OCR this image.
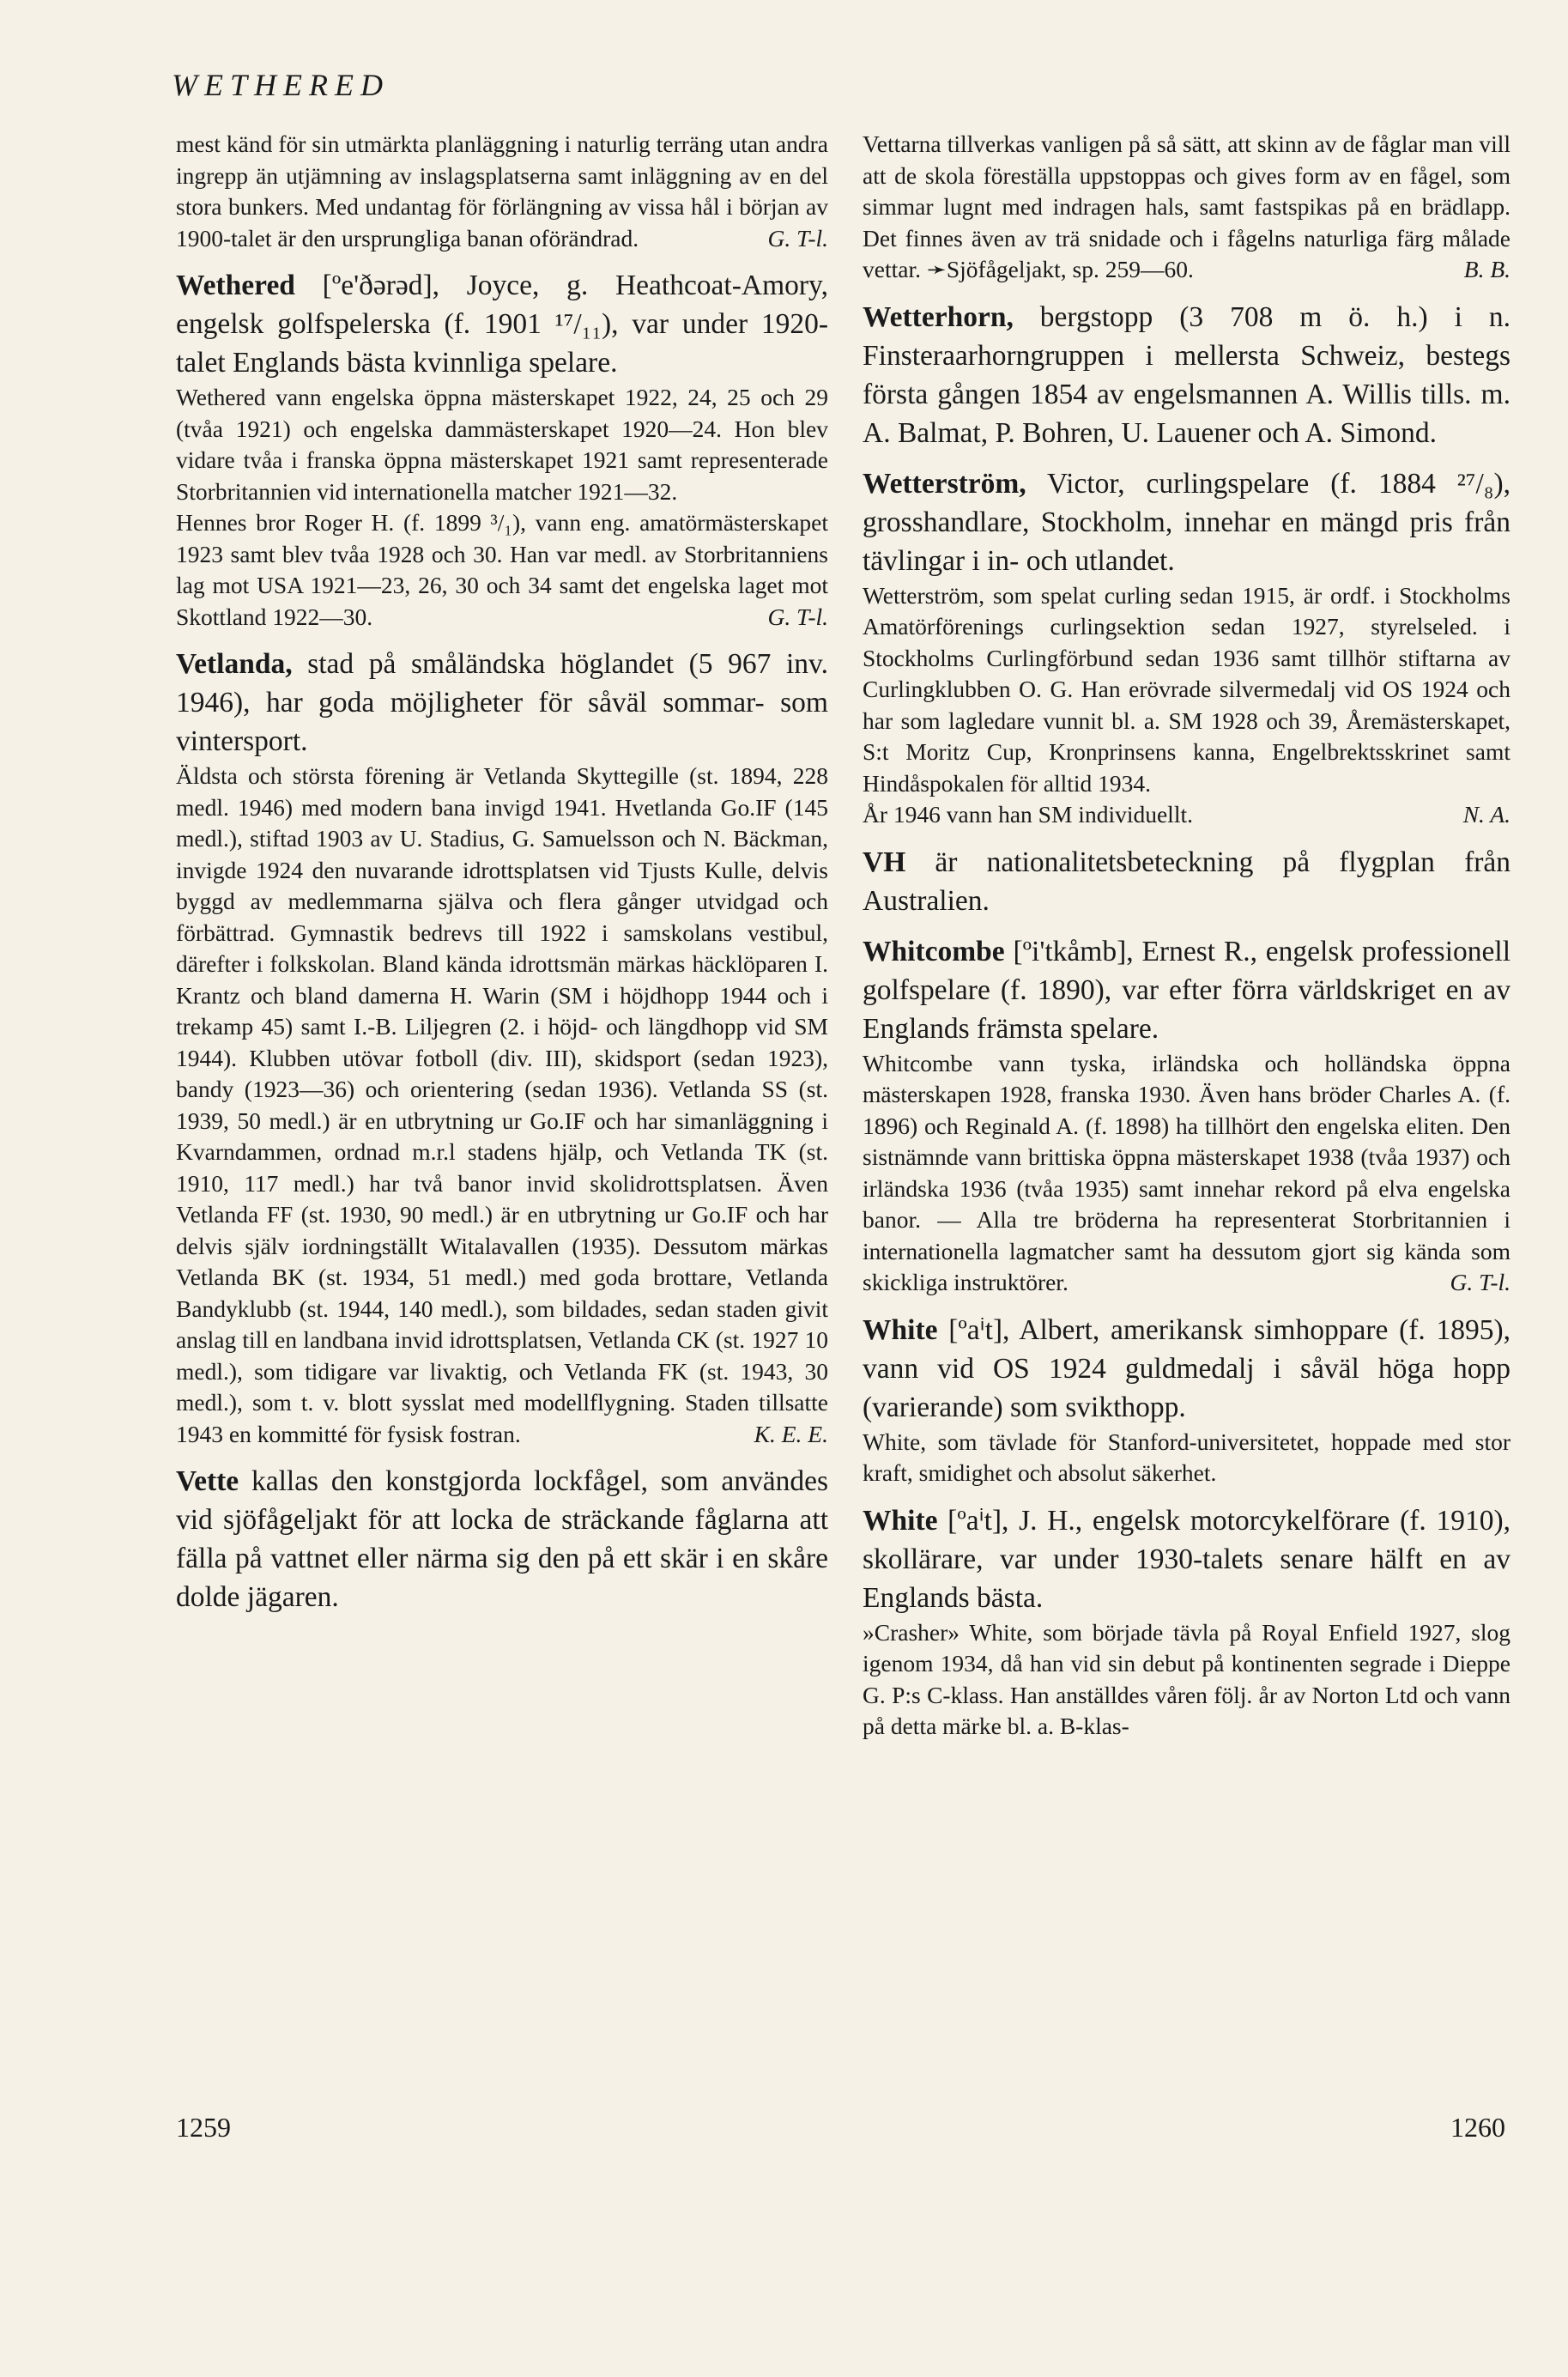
WETHERED

mest känd för sin utmärkta planläggning i naturlig terräng utan andra ingrepp än utjämning av inslagsplatserna samt inläggning av en del stora bunkers. Med undantag för förlängning av vissa hål i början av 1900-talet är den ursprungliga banan oförändrad.	G. T-l.

Wethered [ºe'ðərəd], Joyce, g. Heathcoat-Amory, engelsk golfspelerska (f. 1901 ¹⁷/₁₁), var under 1920-talet Englands bästa kvinnliga spelare.

Wethered vann engelska öppna mästerskapet 1922, 24, 25 och 29 (tvåa 1921) och engelska dammästerskapet 1920—24. Hon blev vidare tvåa i franska öppna mästerskapet 1921 samt representerade Storbritannien vid internationella matcher 1921—32.

Hennes bror Roger H. (f. 1899 ³/₁), vann eng. amatörmästerskapet 1923 samt blev tvåa 1928 och 30. Han var medl. av Storbritanniens lag mot USA 1921—23, 26, 30 och 34 samt det engelska laget mot Skottland 1922—30.	G. T-l.

Vetlanda, stad på småländska höglandet (5 967 inv. 1946), har goda möjligheter för såväl sommar- som vintersport.

Äldsta och största förening är Vetlanda Skyttegille (st. 1894, 228 medl. 1946) med modern bana invigd 1941. Hvetlanda Go.IF (145 medl.), stiftad 1903 av U. Stadius, G. Samuelsson och N. Bäckman, invigde 1924 den nuvarande idrottsplatsen vid Tjusts Kulle, delvis byggd av medlemmarna själva och flera gånger utvidgad och förbättrad. Gymnastik bedrevs till 1922 i samskolans vestibul, därefter i folkskolan. Bland kända idrottsmän märkas häcklöparen I. Krantz och bland damerna H. Warin (SM i höjdhopp 1944 och i trekamp 45) samt I.-B. Liljegren (2. i höjd- och längdhopp vid SM 1944). Klubben utövar fotboll (div. III), skidsport (sedan 1923), bandy (1923—36) och orientering (sedan 1936). Vetlanda SS (st. 1939, 50 medl.) är en utbrytning ur Go.IF och har simanläggning i Kvarndammen, ordnad m.r.l stadens hjälp, och Vetlanda TK (st. 1910, 117 medl.) har två banor invid skolidrottsplatsen. Även Vetlanda FF (st. 1930, 90 medl.) är en utbrytning ur Go.IF och har delvis själv iordningställt Witalavallen (1935). Dessutom märkas Vetlanda BK (st. 1934, 51 medl.) med goda brottare, Vetlanda Bandyklubb (st. 1944, 140 medl.), som bildades, sedan staden givit anslag till en landbana invid idrottsplatsen, Vetlanda CK (st. 1927 10 medl.), som tidigare var livaktig, och Vetlanda FK (st. 1943, 30 medl.), som t. v. blott sysslat med modellflygning. Staden tillsatte 1943 en kommitté för fysisk fostran.	K. E. E.

Vette kallas den konstgjorda lockfågel, som användes vid sjöfågeljakt för att locka de sträckande fåglarna att fälla på vattnet eller närma sig den på ett skär i en skåre dolde jägaren.

Vettarna tillverkas vanligen på så sätt, att skinn av de fåglar man vill att de skola föreställa uppstoppas och gives form av en fågel, som simmar lugnt med indragen hals, samt fastspikas på en brädlapp. Det finnes även av trä snidade och i fågelns naturliga färg målade vettar. ➛Sjöfågeljakt, sp. 259—60.	B. B.

Wetterhorn, bergstopp (3 708 m ö. h.) i n. Finsteraarhorngruppen i mellersta Schweiz, bestegs första gången 1854 av engelsmannen A. Willis tills. m. A. Balmat, P. Bohren, U. Lauener och A. Simond.

Wetterström, Victor, curlingspelare (f. 1884 ²⁷/₈), grosshandlare, Stockholm, innehar en mängd pris från tävlingar i in- och utlandet.

Wetterström, som spelat curling sedan 1915, är ordf. i Stockholms Amatörförenings curlingsektion sedan 1927, styrelseled. i Stockholms Curlingförbund sedan 1936 samt tillhör stiftarna av Curlingklubben O. G. Han erövrade silvermedalj vid OS 1924 och har som lagledare vunnit bl. a. SM 1928 och 39, Åremästerskapet, S:t Moritz Cup, Kronprinsens kanna, Engelbrektsskrinet samt Hindåspokalen för alltid 1934.

År 1946 vann han SM individuellt.	N. A.

VH är nationalitetsbeteckning på flygplan från Australien.

Whitcombe [ºi'tkåmb], Ernest R., engelsk professionell golfspelare (f. 1890), var efter förra världskriget en av Englands främsta spelare.

Whitcombe vann tyska, irländska och holländska öppna mästerskapen 1928, franska 1930. Även hans bröder Charles A. (f. 1896) och Reginald A. (f. 1898) ha tillhört den engelska eliten. Den sistnämnde vann brittiska öppna mästerskapet 1938 (tvåa 1937) och irländska 1936 (tvåa 1935) samt innehar rekord på elva engelska banor. — Alla tre bröderna ha representerat Storbritannien i internationella lagmatcher samt ha dessutom gjort sig kända som skickliga instruktörer.	G. T-l.

White [ºaⁱt], Albert, amerikansk simhoppare (f. 1895), vann vid OS 1924 guldmedalj i såväl höga hopp (varierande) som svikthopp.

White, som tävlade för Stanford-universitetet, hoppade med stor kraft, smidighet och absolut säkerhet.

White [ºaⁱt], J. H., engelsk motorcykelförare (f. 1910), skollärare, var under 1930-talets senare hälft en av Englands bästa.

»Crasher» White, som började tävla på Royal Enfield 1927, slog igenom 1934, då han vid sin debut på kontinenten segrade i Dieppe G. P:s C-klass. Han anställdes våren följ. år av Norton Ltd och vann på detta märke bl. a. B-klas-

1259	1260
